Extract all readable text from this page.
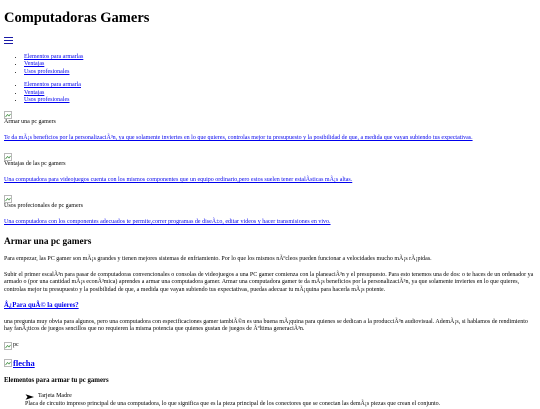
Computadoras Gamers
• Elementos para armarlas
• Ventajas
• Usos profesionales
• Elementos para armarla
• Ventajas
• Usos profesionales
Armar una pc gamers
Te da mÃ¡s beneficios por la personalizaciÃ³n, ya que solamente inviertes en lo que quieres, controlas mejor tu presupuesto y la posibilidad de que, a medida que vayan subiendo tus expectativas.
Ventajas de las pc gamers
Una computadora para videojuegos cuenta con los mismos componentes que un equipo ordinario,pero estos suelen tener estalÃsticas mÃ¡s altas.
Usos profecionales de pc gamers
Una computadora con los componentes adecuados te permite,correr programas de diseÃ±o, editar videos y hacer transmisiones en vivo.
Armar una pc gamers

Para empezar, las PC gamer son mÃ¡s grandes y tienen mejores sistemas de enfriamiento. Por lo que los mismos nÃºcleos pueden funcionar a velocidades mucho mÃ¡s rÃ¡pidas.

Subir el primer escalÃ³n para pasar de computadoras convencionales o consolas de videojuegos a una PC gamer comienza con la planeaciÃ³n y el presupuesto. Para esto tenemos una de dos: o te haces de un ordenador ya armado o (por una cantidad mÃ¡s econÃ³mica) aprendes a armar una computadora gamer. Armar una computadora gamer te da mÃ¡s beneficios por la personalizaciÃ³n, ya que solamente inviertes en lo que quieres, controlas mejor tu presupuesto y la posibilidad de que, a medida que vayan subiendo tus expectativas, puedas adecuar tu mÃ¡quina para hacerla mÃ¡s potente.

Â¿Para quÃ© la quieres?

una pregunta muy obvia para algunos, pero una computadora con especificaciones gamer tambiÃ©n es una buena mÃ¡quina para quienes se dedican a la producciÃ³n audiovisual. AdemÃ¡s, si hablamos de rendimiento hay fanÃ¡ticos de juegos sencillos que no requieren la misma potencia que quienes gustan de juegos de Ãºltima generaciÃ³n.

pc
flecha
Elementos para armar tu pc gamers
Tarjeta Madre
Placa de circuito impreso principal de una computadora, lo que significa que es la pieza principal de los conectores que se conectan las demÃ¡s piezas que crean el conjunto.
